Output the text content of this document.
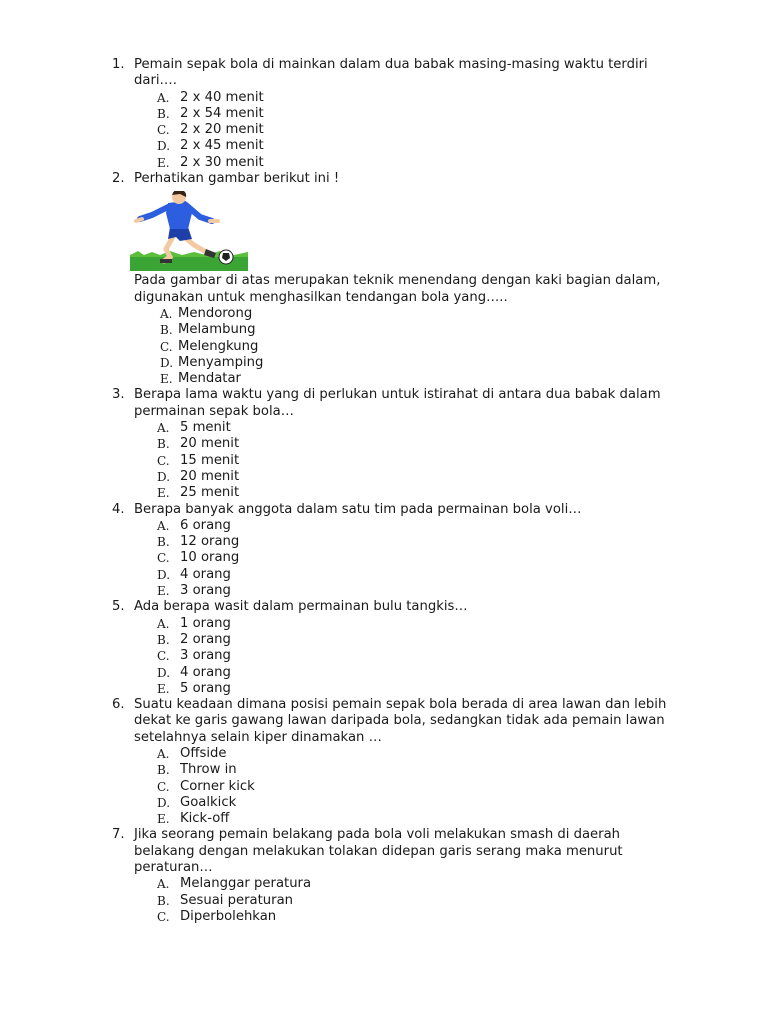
1. Pemain sepak bola di mainkan dalam dua babak masing-masing waktu terdiri dari….
A. 2 x 40 menit
B. 2 x 54 menit
C. 2 x 20 menit
D. 2 x 45 menit
E. 2 x 30 menit
2. Perhatikan gambar berikut ini !
Pada gambar di atas merupakan teknik menendang dengan kaki bagian dalam, digunakan untuk menghasilkan tendangan bola yang…..
A. Mendorong
B. Melambung
C. Melengkung
D. Menyamping
E. Mendatar
3. Berapa lama waktu yang di perlukan untuk istirahat di antara dua babak dalam permainan sepak bola…
A. 5 menit
B. 20 menit
C. 15 menit
D. 20 menit
E. 25 menit
4. Berapa banyak anggota dalam satu tim pada permainan bola voli…
A. 6 orang
B. 12 orang
C. 10 orang
D. 4 orang
E. 3 orang
5. Ada berapa wasit dalam permainan bulu tangkis…
A. 1 orang
B. 2 orang
C. 3 orang
D. 4 orang
E. 5 orang
6. Suatu keadaan dimana posisi pemain sepak bola berada di area lawan dan lebih dekat ke garis gawang lawan daripada bola, sedangkan tidak ada pemain lawan setelahnya selain kiper dinamakan …
A. Offside
B. Throw in
C. Corner kick
D. Goalkick
E. Kick-off
7. Jika seorang pemain belakang pada bola voli melakukan smash di daerah belakang dengan melakukan tolakan didepan garis serang maka menurut peraturan…
A. Melanggar peratura
B. Sesuai peraturan
C. Diperbolehkan
